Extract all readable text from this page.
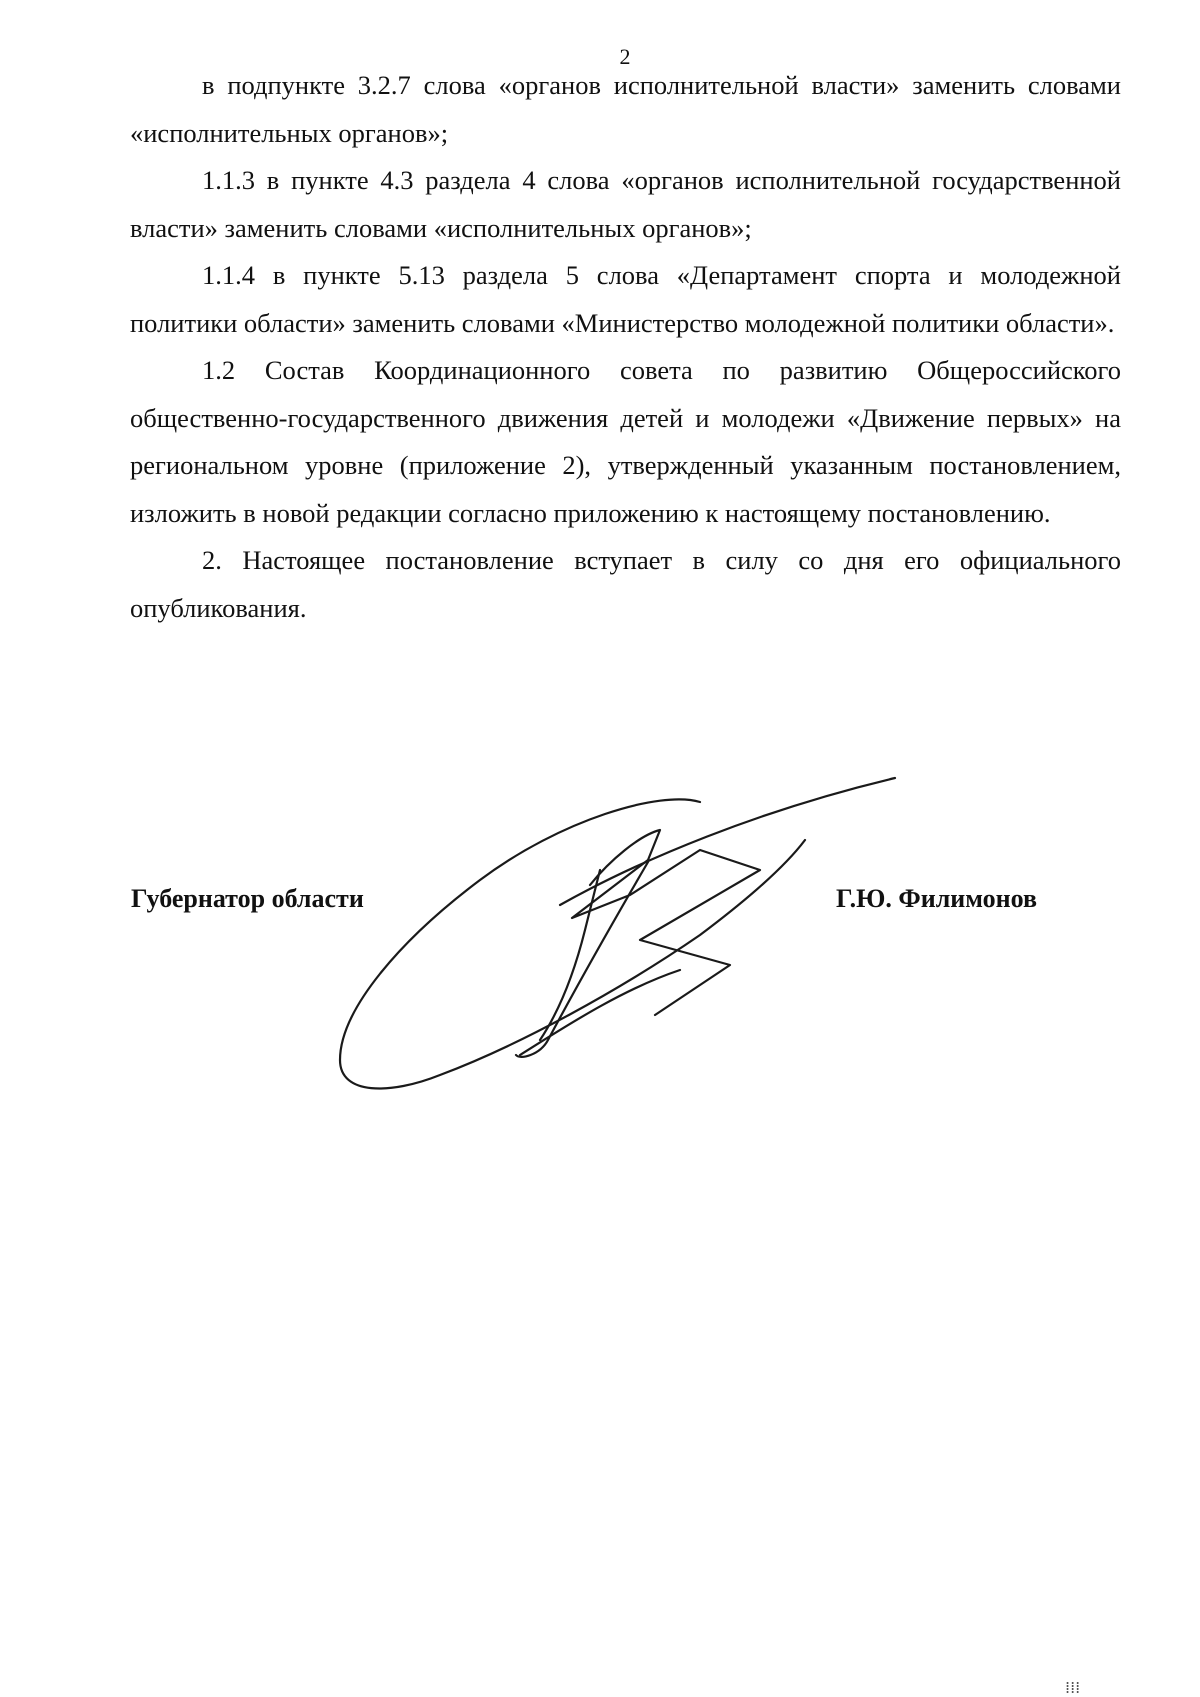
2

в подпункте 3.2.7 слова «органов исполнительной власти» заменить словами «исполнительных органов»;

1.1.3 в пункте 4.3 раздела 4 слова «органов исполнительной государственной власти» заменить словами «исполнительных органов»;

1.1.4 в пункте 5.13 раздела 5 слова «Департамент спорта и молодежной политики области» заменить словами «Министерство молодежной политики области».

1.2 Состав Координационного совета по развитию Общероссийского общественно-государственного движения детей и молодежи «Движение первых» на региональном уровне (приложение 2), утвержденный указанным постановлением, изложить в новой редакции согласно приложению к настоящему постановлению.

2. Настоящее постановление вступает в силу со дня его официального опубликования.

Губернатор области	Г.Ю. Филимонов
⁞⁞⁞
